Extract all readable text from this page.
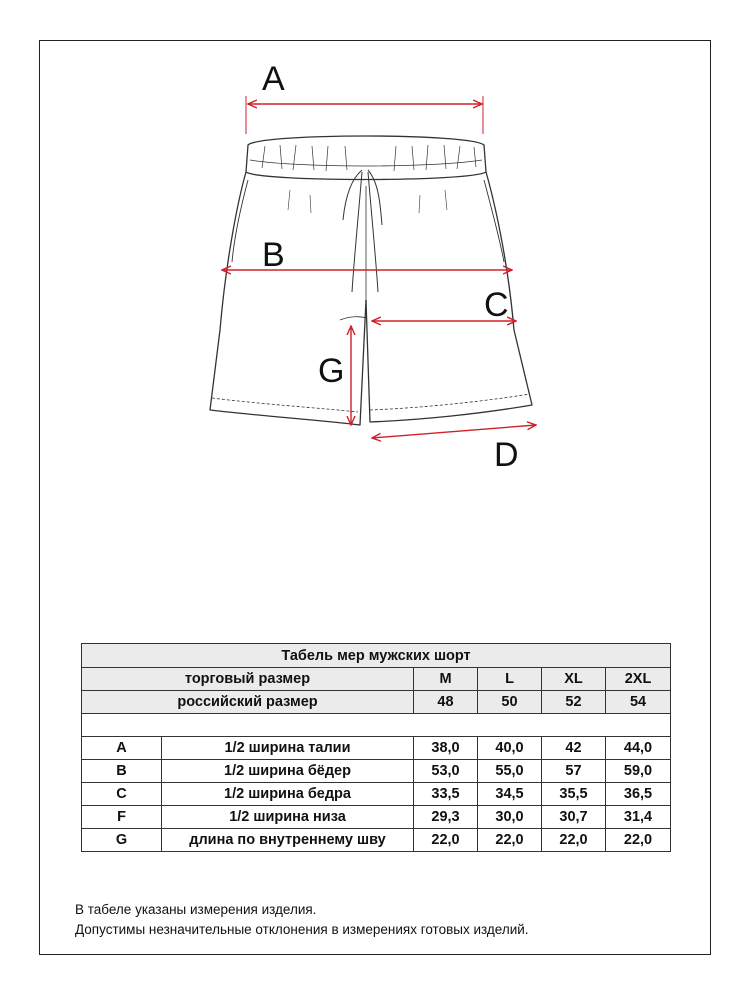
A
B
C
G
D
Табель мер мужских шорт					
торговый размер		M	L	XL	2XL
российский размер		48	50	52	54

A	1/2 ширина талии	38,0	40,0	42	44,0
B	1/2 ширина бёдер	53,0	55,0	57	59,0
C	1/2 ширина бедра	33,5	34,5	35,5	36,5
F	1/2 ширина низа	29,3	30,0	30,7	31,4
G	длина по внутреннему шву	22,0	22,0	22,0	22,0
В табеле указаны измерения изделия.
Допустимы незначительные отклонения в измерениях готовых изделий.
